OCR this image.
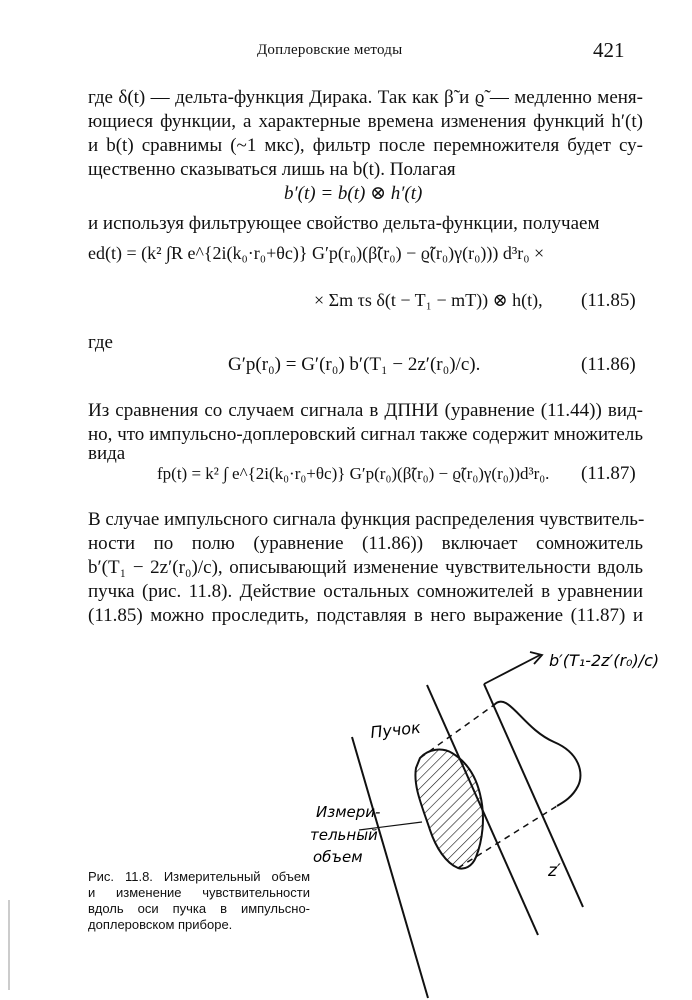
Доплеровские методы	421
где δ(t) — дельта-функция Дирака. Так как β̃ и ϱ̃ — медленно меня-
ющиеся функции, а характерные времена изменения функций h′(t)
и b(t) сравнимы (~1 мкс), фильтр после перемножителя будет су-
щественно сказываться лишь на b(t). Полагая
b′(t) = b(t) ⊗ h′(t)
и используя фильтрующее свойство дельта-функции, получаем
ed(t) = (k² ∫R e^{2i(k₀·r₀+θc)} G′p(r₀)(β̃(r₀) − ϱ̃(r₀)γ(r₀))) d³r₀ ×
× Σm τs δ(t − T₁ − mT)) ⊗ h(t), (11.85)
где
G′p(r₀) = G′(r₀) b′(T₁ − 2z′(r₀)/c).	(11.86)
Из сравнения со случаем сигнала в ДПНИ (уравнение (11.44)) вид-
но, что импульсно-доплеровский сигнал также содержит множитель
вида
fp(t) = k² ∫ e^{2i(k₀·r₀+θc)} G′p(r₀)(β̃(r₀) − ϱ̃(r₀)γ(r₀))d³r₀. (11.87)
В случае импульсного сигнала функция распределения чувствитель-
ности по полю (уравнение (11.86)) включает сомножитель
b′(T₁ − 2z′(r₀)/c), описывающий изменение чувствительности вдоль
пучка (рис. 11.8). Действие остальных сомножителей в уравнении
(11.85) можно проследить, подставляя в него выражение (11.87) и
b′(T₁-2z′(r₀)/c)
Пучок
Измери-
тельный
объем
z′
Рис. 11.8. Измерительный объем
и изменение чувствительности
вдоль оси пучка в импульсно-
доплеровском приборе.
